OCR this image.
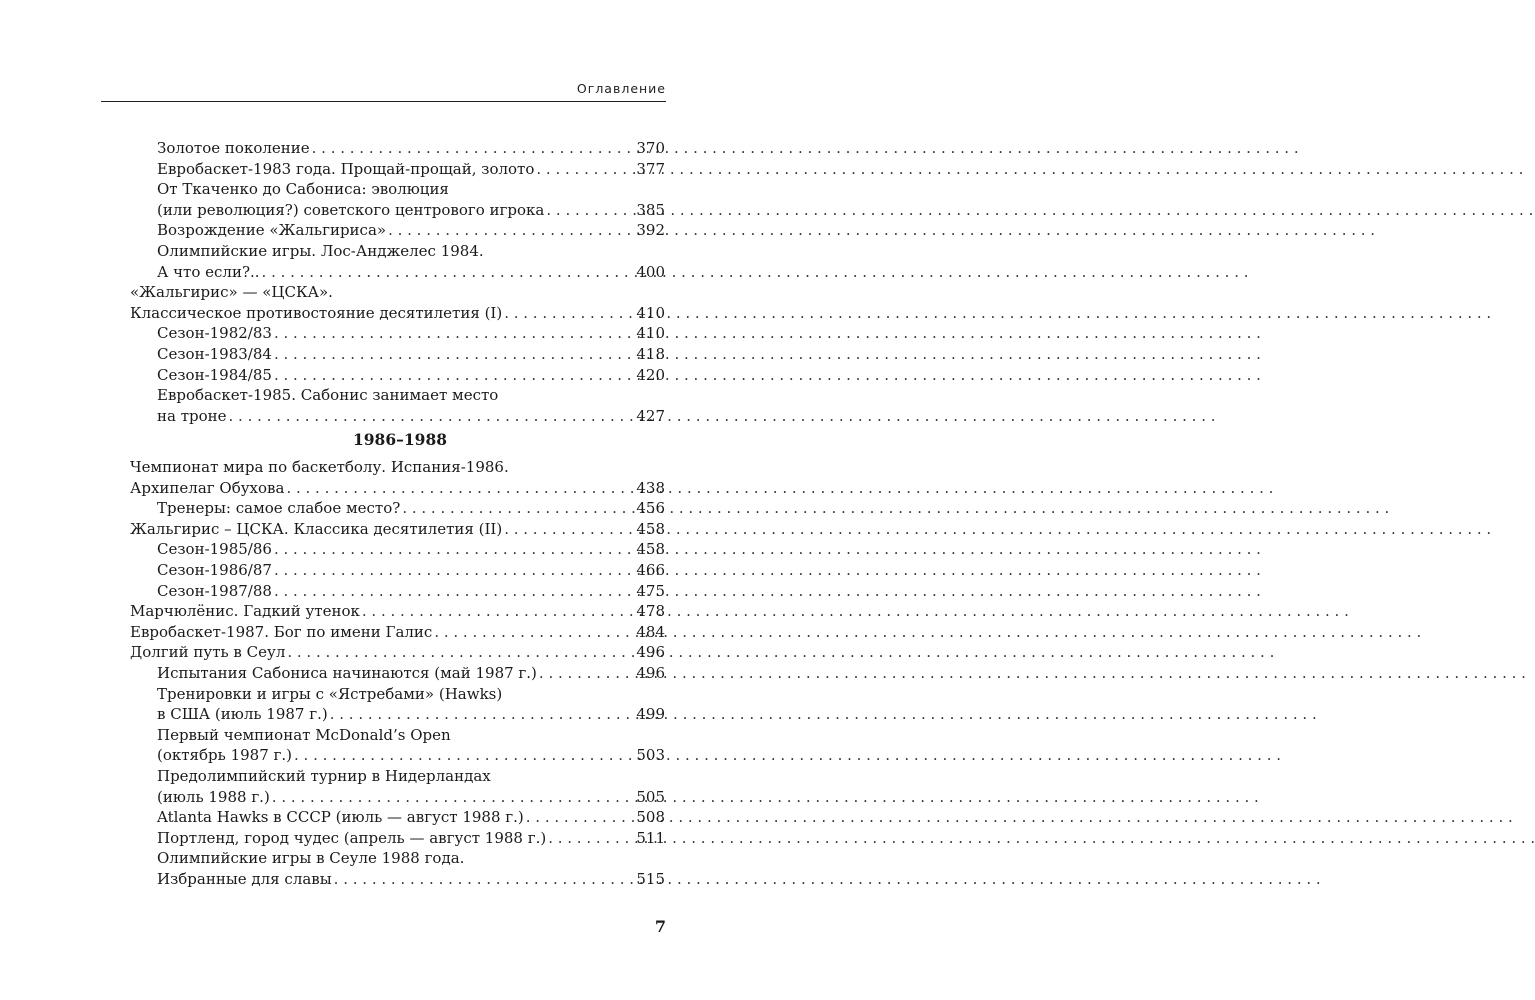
Оглавление
Золотое поколение . . .	370
Евробаскет-1983 года. Прощай-прощай, золото . . .	377
От Ткаченко до Сабониса: эволюция
(или революция?) советского центрового игрока . . .	385
Возрождение «Жальгириса» . . .	392
Олимпийские игры. Лос-Анджелес 1984.
А что если?.. . . .	400
«Жальгирис» — «ЦСКА».
Классическое противостояние десятилетия (I) . . .	410
Сезон-1982/83 . . .	410
Сезон-1983/84 . . .	418
Сезон-1984/85 . . .	420
Евробаскет-1985. Сабонис занимает место
на троне . . .	427
1986–1988
Чемпионат мира по баскетболу. Испания-1986.
Архипелаг Обухова . . .	438
Тренеры: самое слабое место? . . .	456
Жальгирис – ЦСКА. Классика десятилетия (II) . . .	458
Сезон-1985/86 . . .	458
Сезон-1986/87 . . .	466
Сезон-1987/88 . . .	475
Марчюлёнис. Гадкий утенок . . .	478
Евробаскет-1987. Бог по имени Галис . . .	484
Долгий путь в Сеул . . .	496
Испытания Сабониса начинаются (май 1987 г.) . . .	496
Тренировки и игры с «Ястребами» (Hawks)
в США (июль 1987 г.) . . .	499
Первый чемпионат McDonald’s Open
(октябрь 1987 г.) . . .	503
Предолимпийский турнир в Нидерландах
(июль 1988 г.) . . .	505
Atlanta Hawks в СССР (июль — август 1988 г.) . . .	508
Портленд, город чудес (апрель — август 1988 г.) . . .	511
Олимпийские игры в Сеуле 1988 года.
Избранные для славы . . .	515
7
